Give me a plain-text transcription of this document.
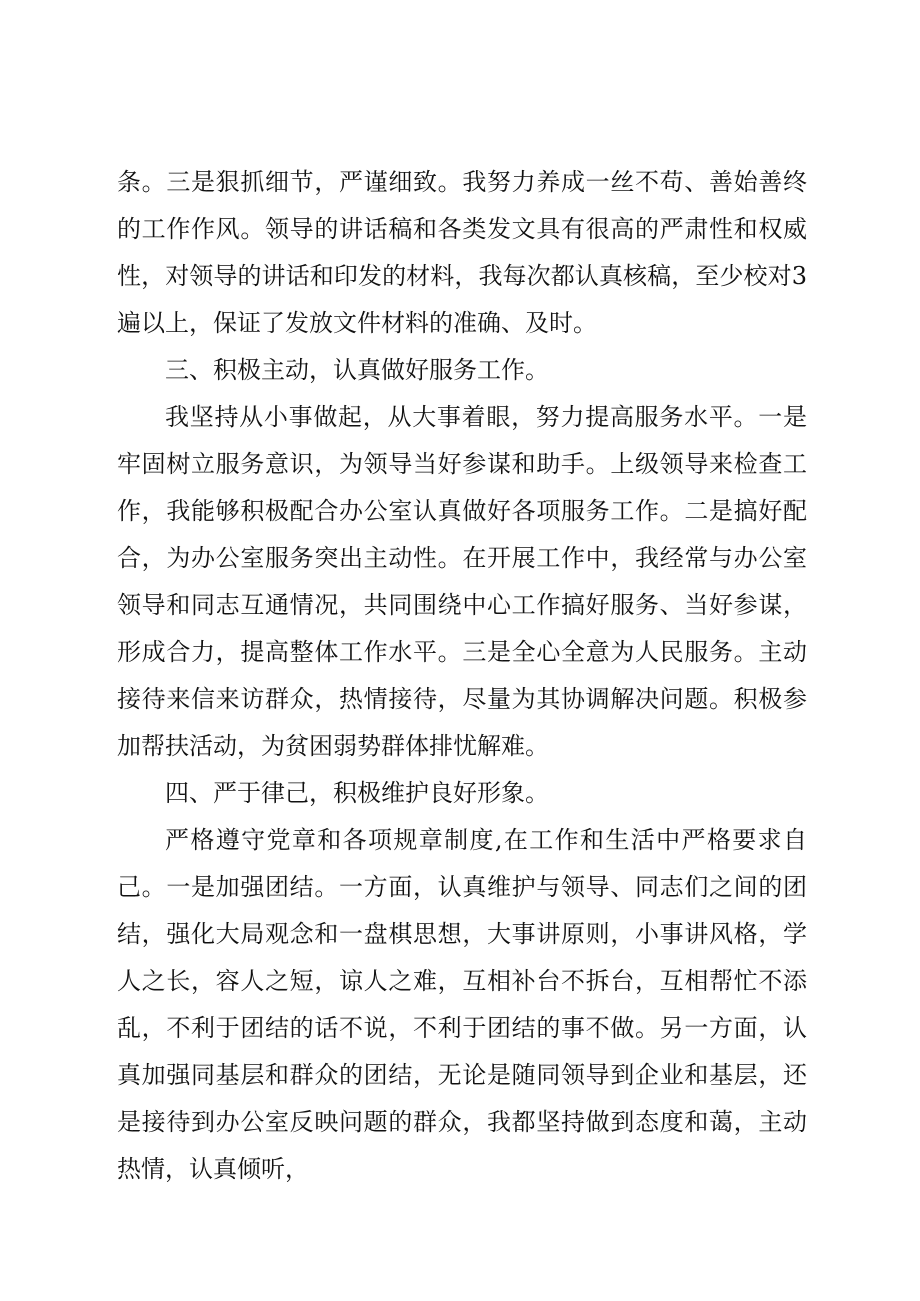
条。三是狠抓细节，严谨细致。我努力养成一丝不苟、善始善终的工作作风。领导的讲话稿和各类发文具有很高的严肃性和权威性，对领导的讲话和印发的材料，我每次都认真核稿，至少校对3遍以上，保证了发放文件材料的准确、及时。

三、积极主动，认真做好服务工作。

我坚持从小事做起，从大事着眼，努力提高服务水平。一是牢固树立服务意识，为领导当好参谋和助手。上级领导来检查工作，我能够积极配合办公室认真做好各项服务工作。二是搞好配合，为办公室服务突出主动性。在开展工作中，我经常与办公室领导和同志互通情况，共同围绕中心工作搞好服务、当好参谋，形成合力，提高整体工作水平。三是全心全意为人民服务。主动接待来信来访群众，热情接待，尽量为其协调解决问题。积极参加帮扶活动，为贫困弱势群体排忧解难。

四、严于律己，积极维护良好形象。

严格遵守党章和各项规章制度,在工作和生活中严格要求自己。一是加强团结。一方面，认真维护与领导、同志们之间的团结，强化大局观念和一盘棋思想，大事讲原则，小事讲风格，学人之长，容人之短，谅人之难，互相补台不拆台，互相帮忙不添乱，不利于团结的话不说，不利于团结的事不做。另一方面，认真加强同基层和群众的团结，无论是随同领导到企业和基层，还是接待到办公室反映问题的群众，我都坚持做到态度和蔼，主动热情，认真倾听，
